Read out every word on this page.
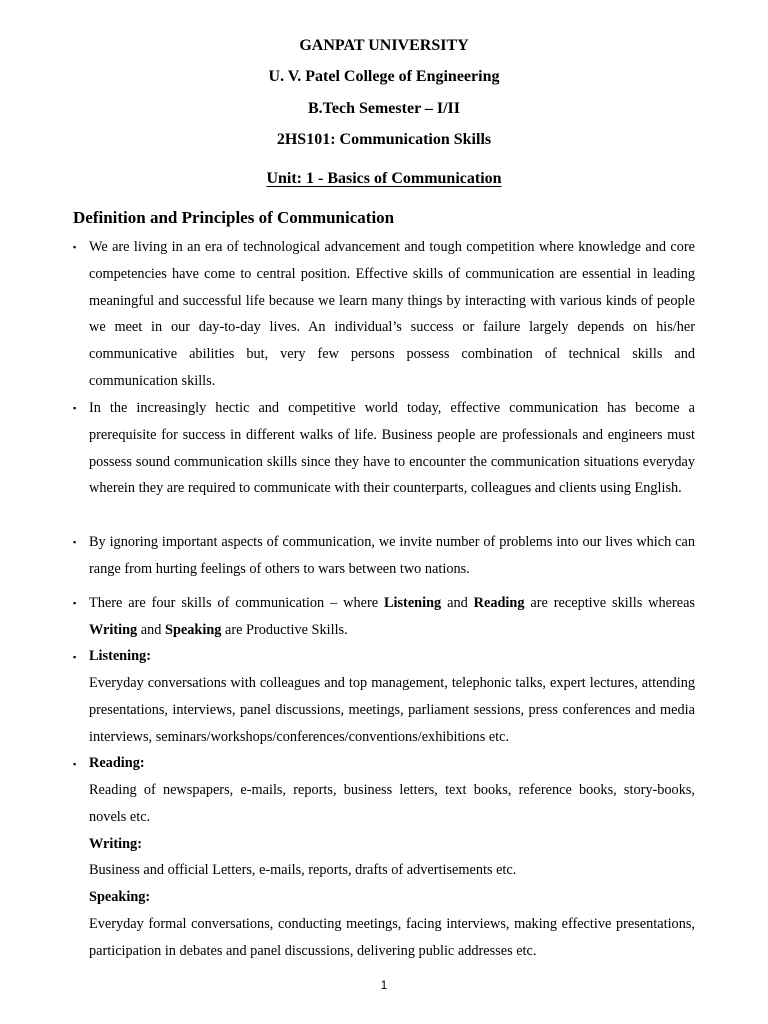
GANPAT UNIVERSITY
U. V. Patel College of Engineering
B.Tech Semester – I/II
2HS101: Communication Skills
Unit: 1 - Basics of Communication
Definition and Principles of Communication
▪ We are living in an era of technological advancement and tough competition where knowledge and core competencies have come to central position. Effective skills of communication are essential in leading meaningful and successful life because we learn many things by interacting with various kinds of people we meet in our day-to-day lives. An individual’s success or failure largely depends on his/her communicative abilities but, very few persons possess combination of technical skills and communication skills.
▪ In the increasingly hectic and competitive world today, effective communication has become a prerequisite for success in different walks of life. Business people are professionals and engineers must possess sound communication skills since they have to encounter the communication situations everyday wherein they are required to communicate with their counterparts, colleagues and clients using English.
▪ By ignoring important aspects of communication, we invite number of problems into our lives which can range from hurting feelings of others to wars between two nations.
▪ There are four skills of communication – where Listening and Reading are receptive skills whereas Writing and Speaking are Productive Skills.
▪ Listening:
Everyday conversations with colleagues and top management, telephonic talks, expert lectures, attending presentations, interviews, panel discussions, meetings, parliament sessions, press conferences and media interviews, seminars/workshops/conferences/conventions/exhibitions etc.
▪ Reading:
Reading of newspapers, e-mails, reports, business letters, text books, reference books, story-books, novels etc.
Writing:
Business and official Letters, e-mails, reports, drafts of advertisements etc.
Speaking:
Everyday formal conversations, conducting meetings, facing interviews, making effective presentations, participation in debates and panel discussions, delivering public addresses etc.
1
